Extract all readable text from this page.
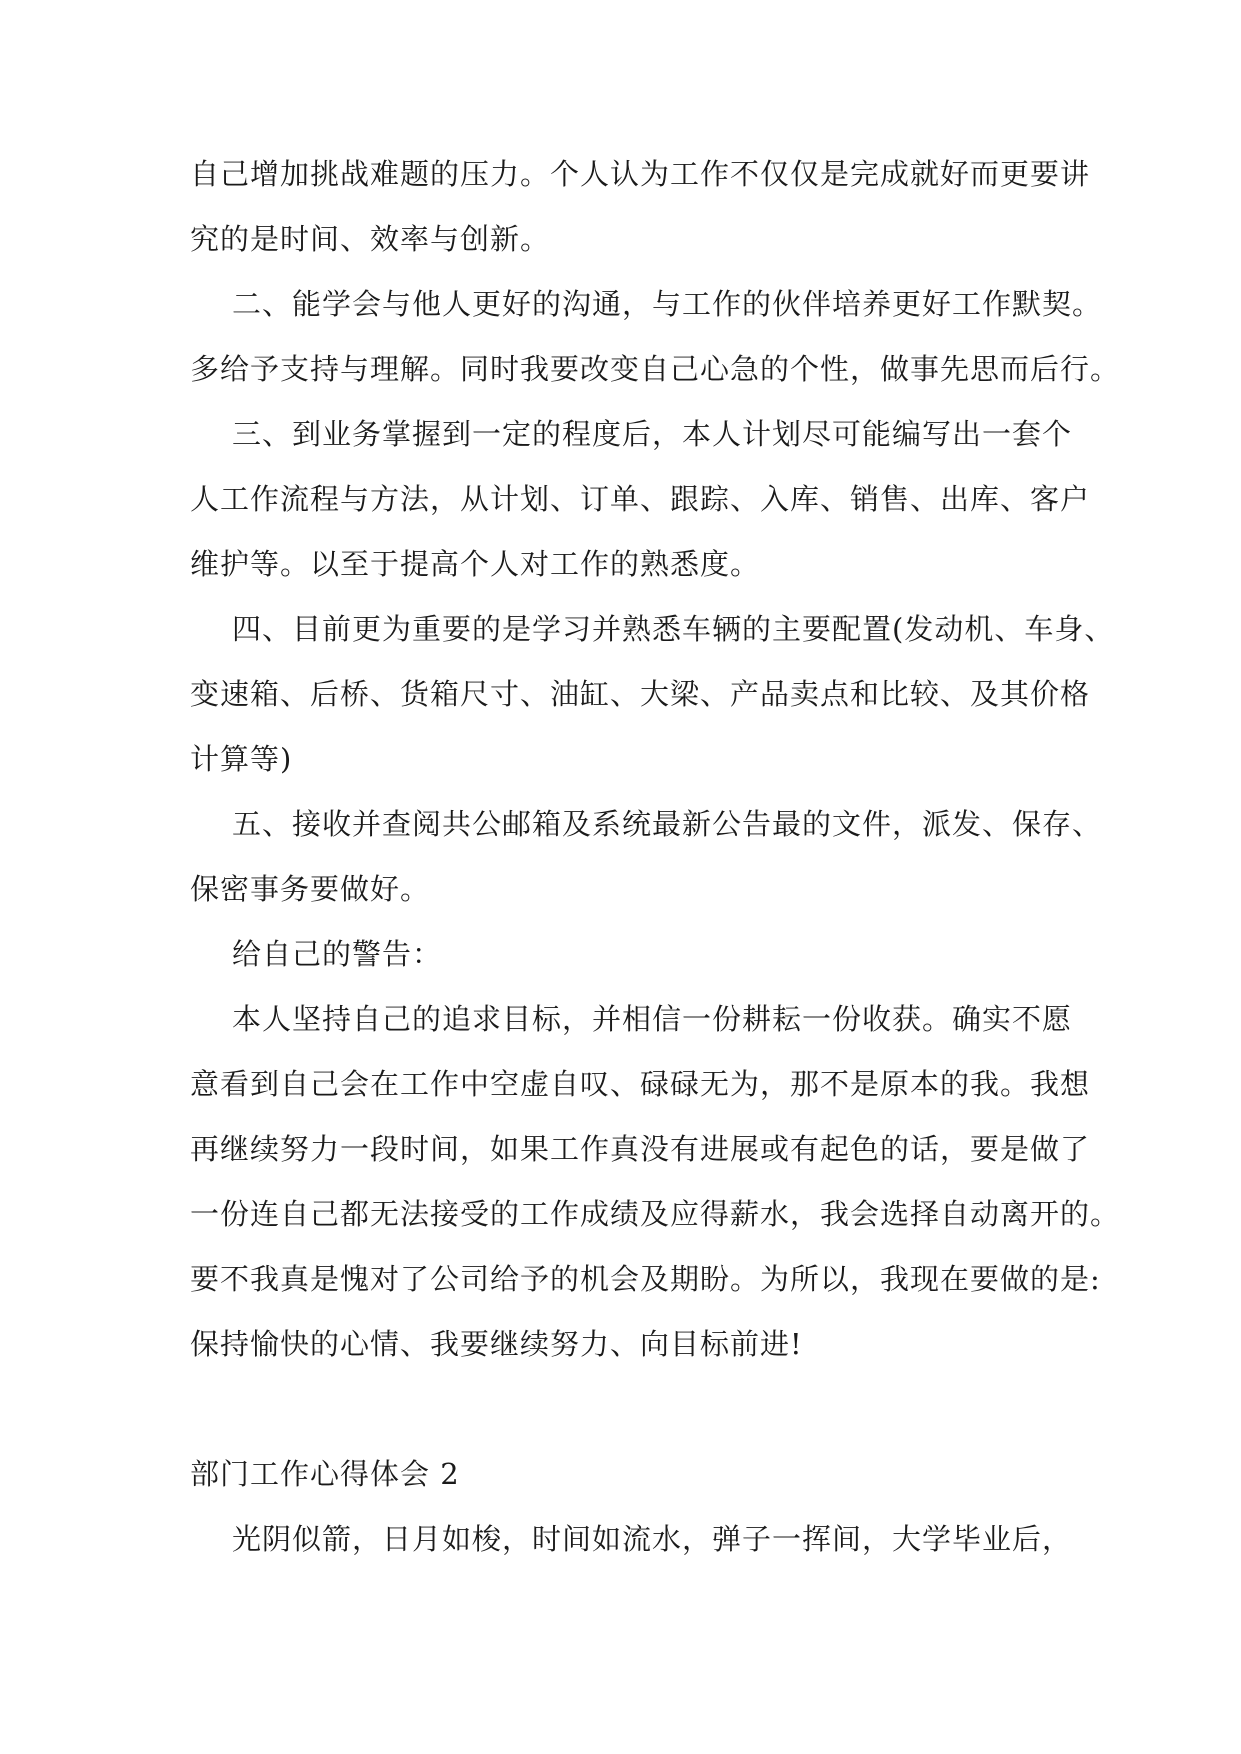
自己增加挑战难题的压力。个人认为工作不仅仅是完成就好而更要讲
究的是时间、效率与创新。
二、能学会与他人更好的沟通，与工作的伙伴培养更好工作默契。
多给予支持与理解。同时我要改变自己心急的个性，做事先思而后行。
三、到业务掌握到一定的程度后，本人计划尽可能编写出一套个
人工作流程与方法，从计划、订单、跟踪、入库、销售、出库、客户
维护等。以至于提高个人对工作的熟悉度。
四、目前更为重要的是学习并熟悉车辆的主要配置(发动机、车身、
变速箱、后桥、货箱尺寸、油缸、大梁、产品卖点和比较、及其价格
计算等)
五、接收并查阅共公邮箱及系统最新公告最的文件，派发、保存、
保密事务要做好。
给自己的警告：
本人坚持自己的追求目标，并相信一份耕耘一份收获。确实不愿
意看到自己会在工作中空虚自叹、碌碌无为，那不是原本的我。我想
再继续努力一段时间，如果工作真没有进展或有起色的话，要是做了
一份连自己都无法接受的工作成绩及应得薪水，我会选择自动离开的。
要不我真是愧对了公司给予的机会及期盼。为所以，我现在要做的是:
保持愉快的心情、我要继续努力、向目标前进!
部门工作心得体会 2
光阴似箭，日月如梭，时间如流水，弹子一挥间，大学毕业后，
